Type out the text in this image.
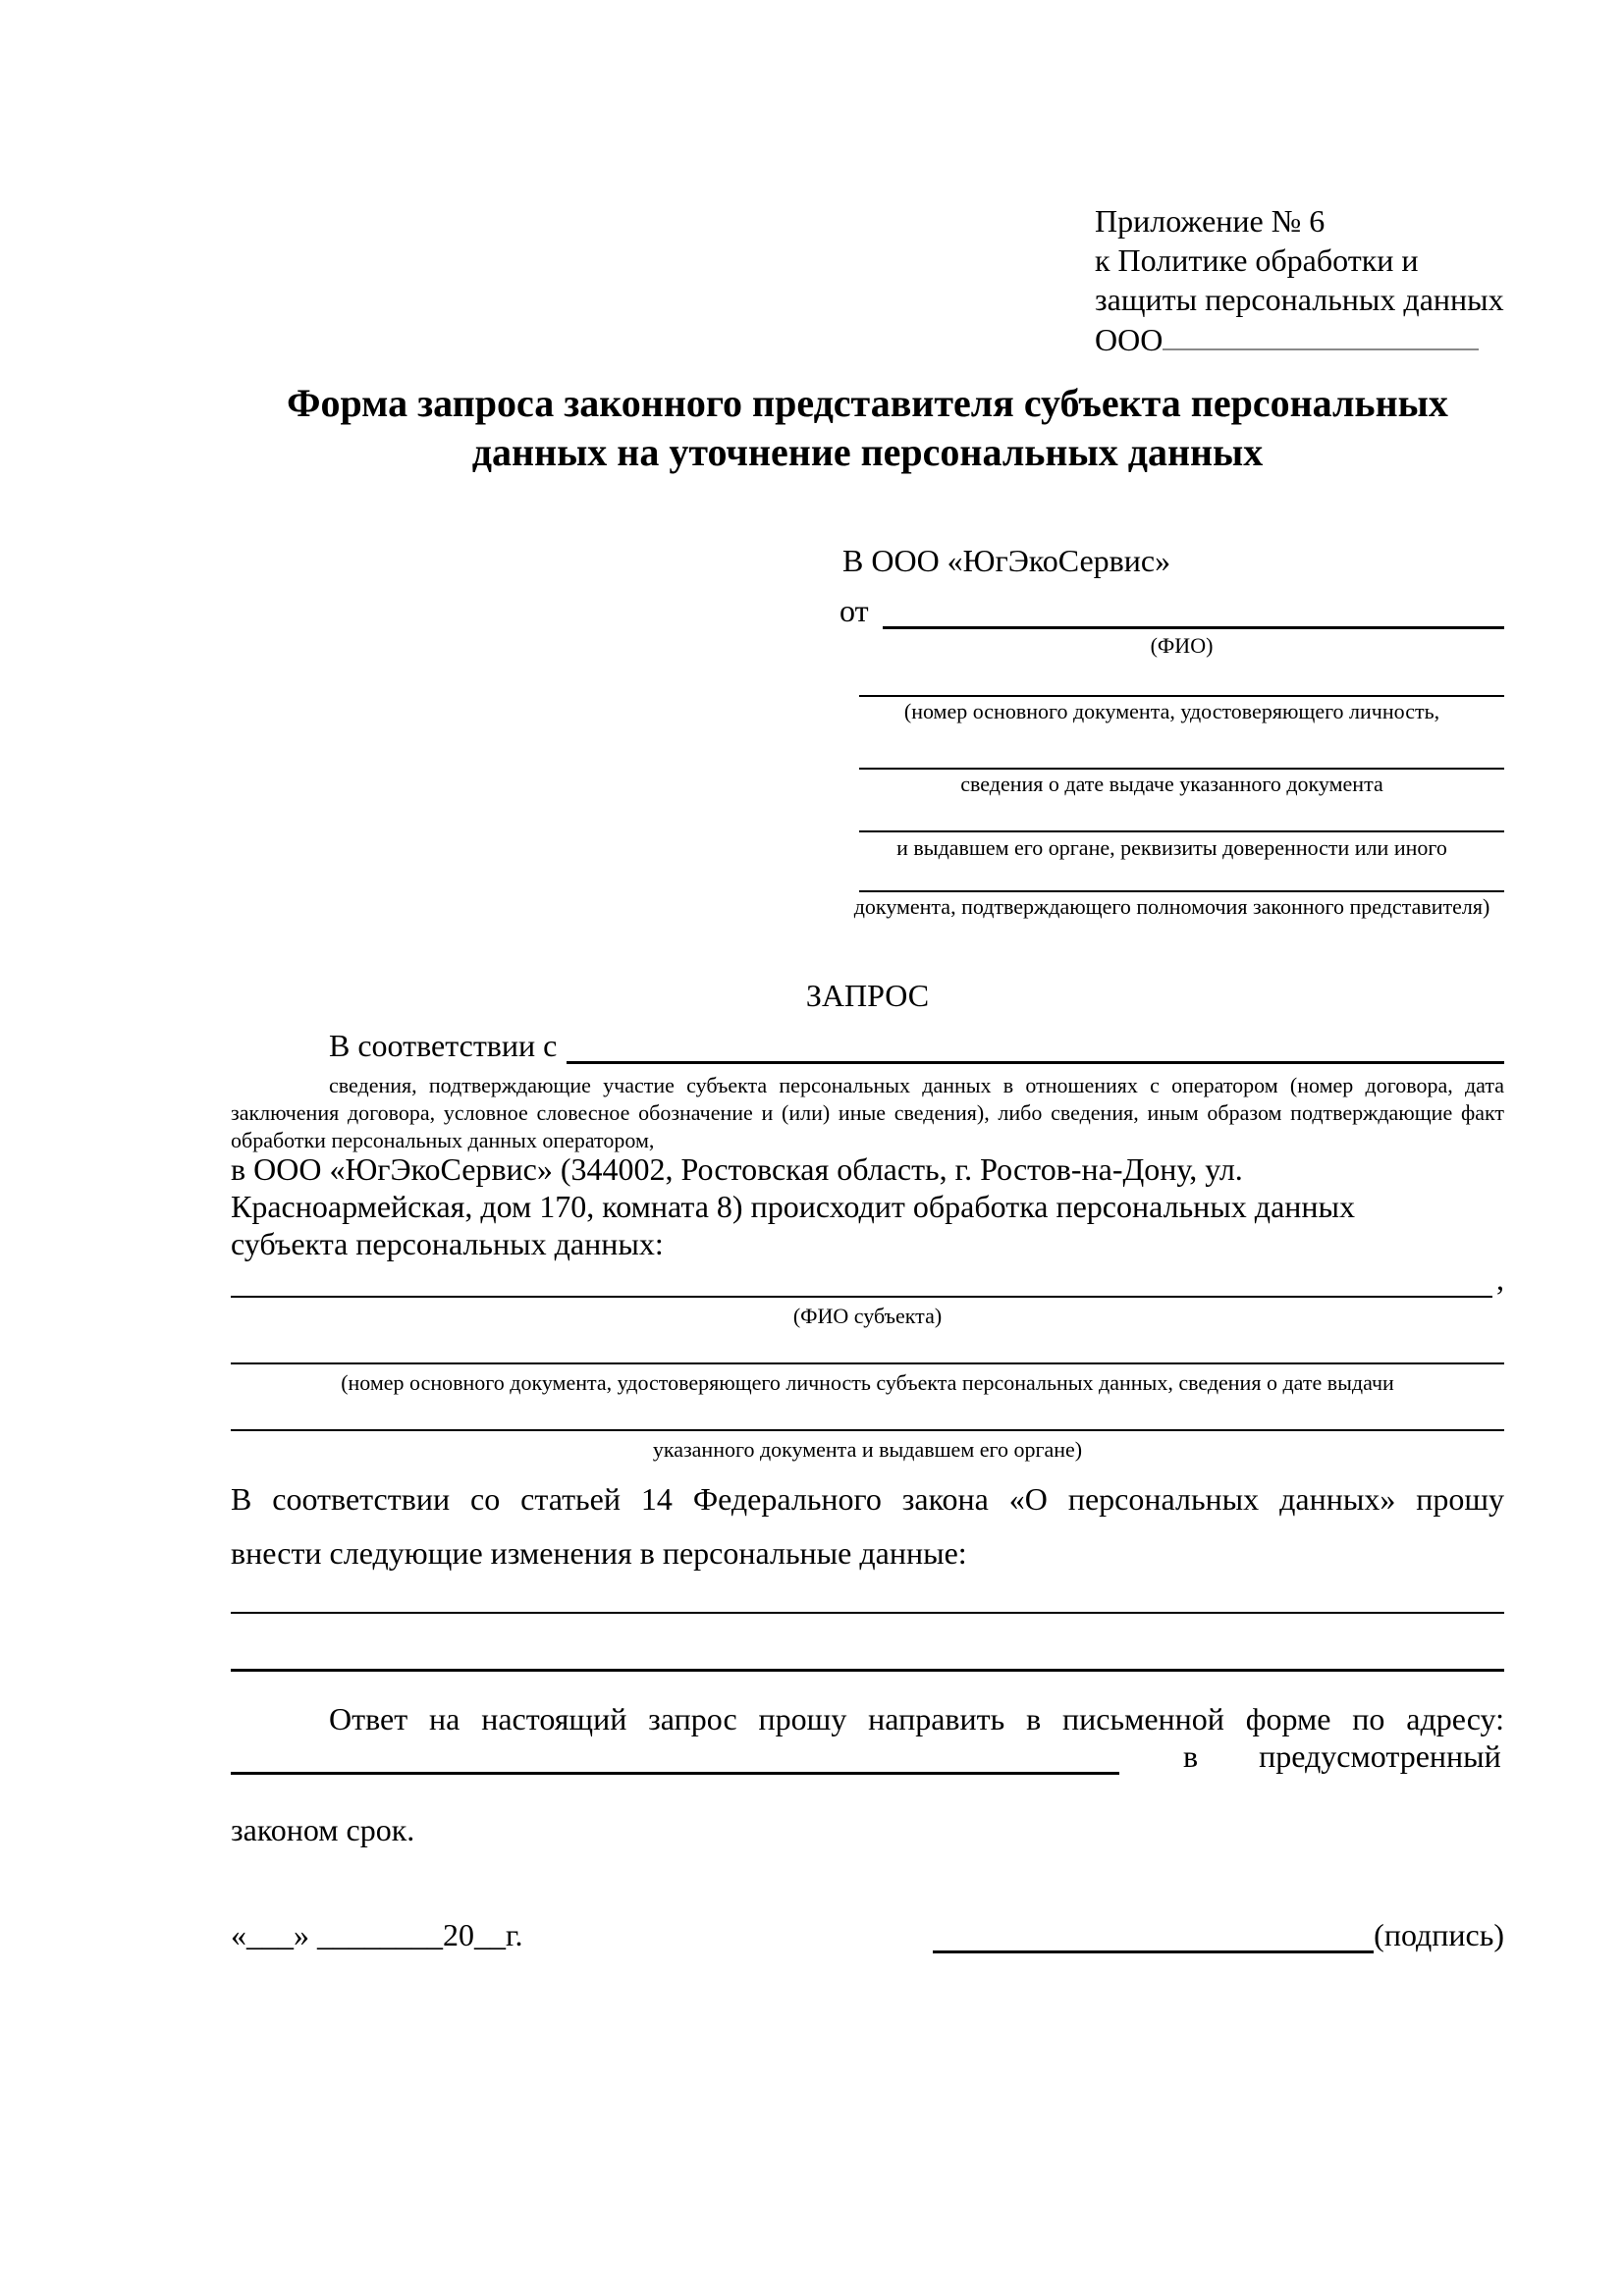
Приложение № 6
к Политике обработки и
защиты персональных данных
ООО
Форма запроса законного представителя субъекта персональных
данных на уточнение персональных данных
В ООО «ЮгЭкоСервис»
от
(ФИО)
(номер основного документа, удостоверяющего личность,
сведения о дате выдаче указанного документа
и выдавшем его органе, реквизиты доверенности или иного
документа, подтверждающего полномочия законного представителя)
ЗАПРОС
В соответствии с
сведения, подтверждающие участие субъекта персональных данных в отношениях с оператором (номер договора, дата заключения договора, условное словесное обозначение и (или) иные сведения), либо сведения, иным образом подтверждающие факт обработки персональных данных оператором,
в ООО «ЮгЭкоСервис» (344002, Ростовская область, г. Ростов-на-Дону, ул.
Красноармейская, дом 170, комната 8) происходит обработка персональных данных
субъекта персональных данных:
,
(ФИО субъекта)
(номер основного документа, удостоверяющего личность субъекта персональных данных, сведения о дате выдачи
указанного документа и выдавшем его органе)
В соответствии со статьей 14 Федерального закона «О персональных данных» прошу
внести следующие изменения в персональные данные:
Ответ на настоящий запрос прошу направить в письменной форме по адресу:
в предусмотренный
законом срок.
«___» ________20__г.	(подпись)
